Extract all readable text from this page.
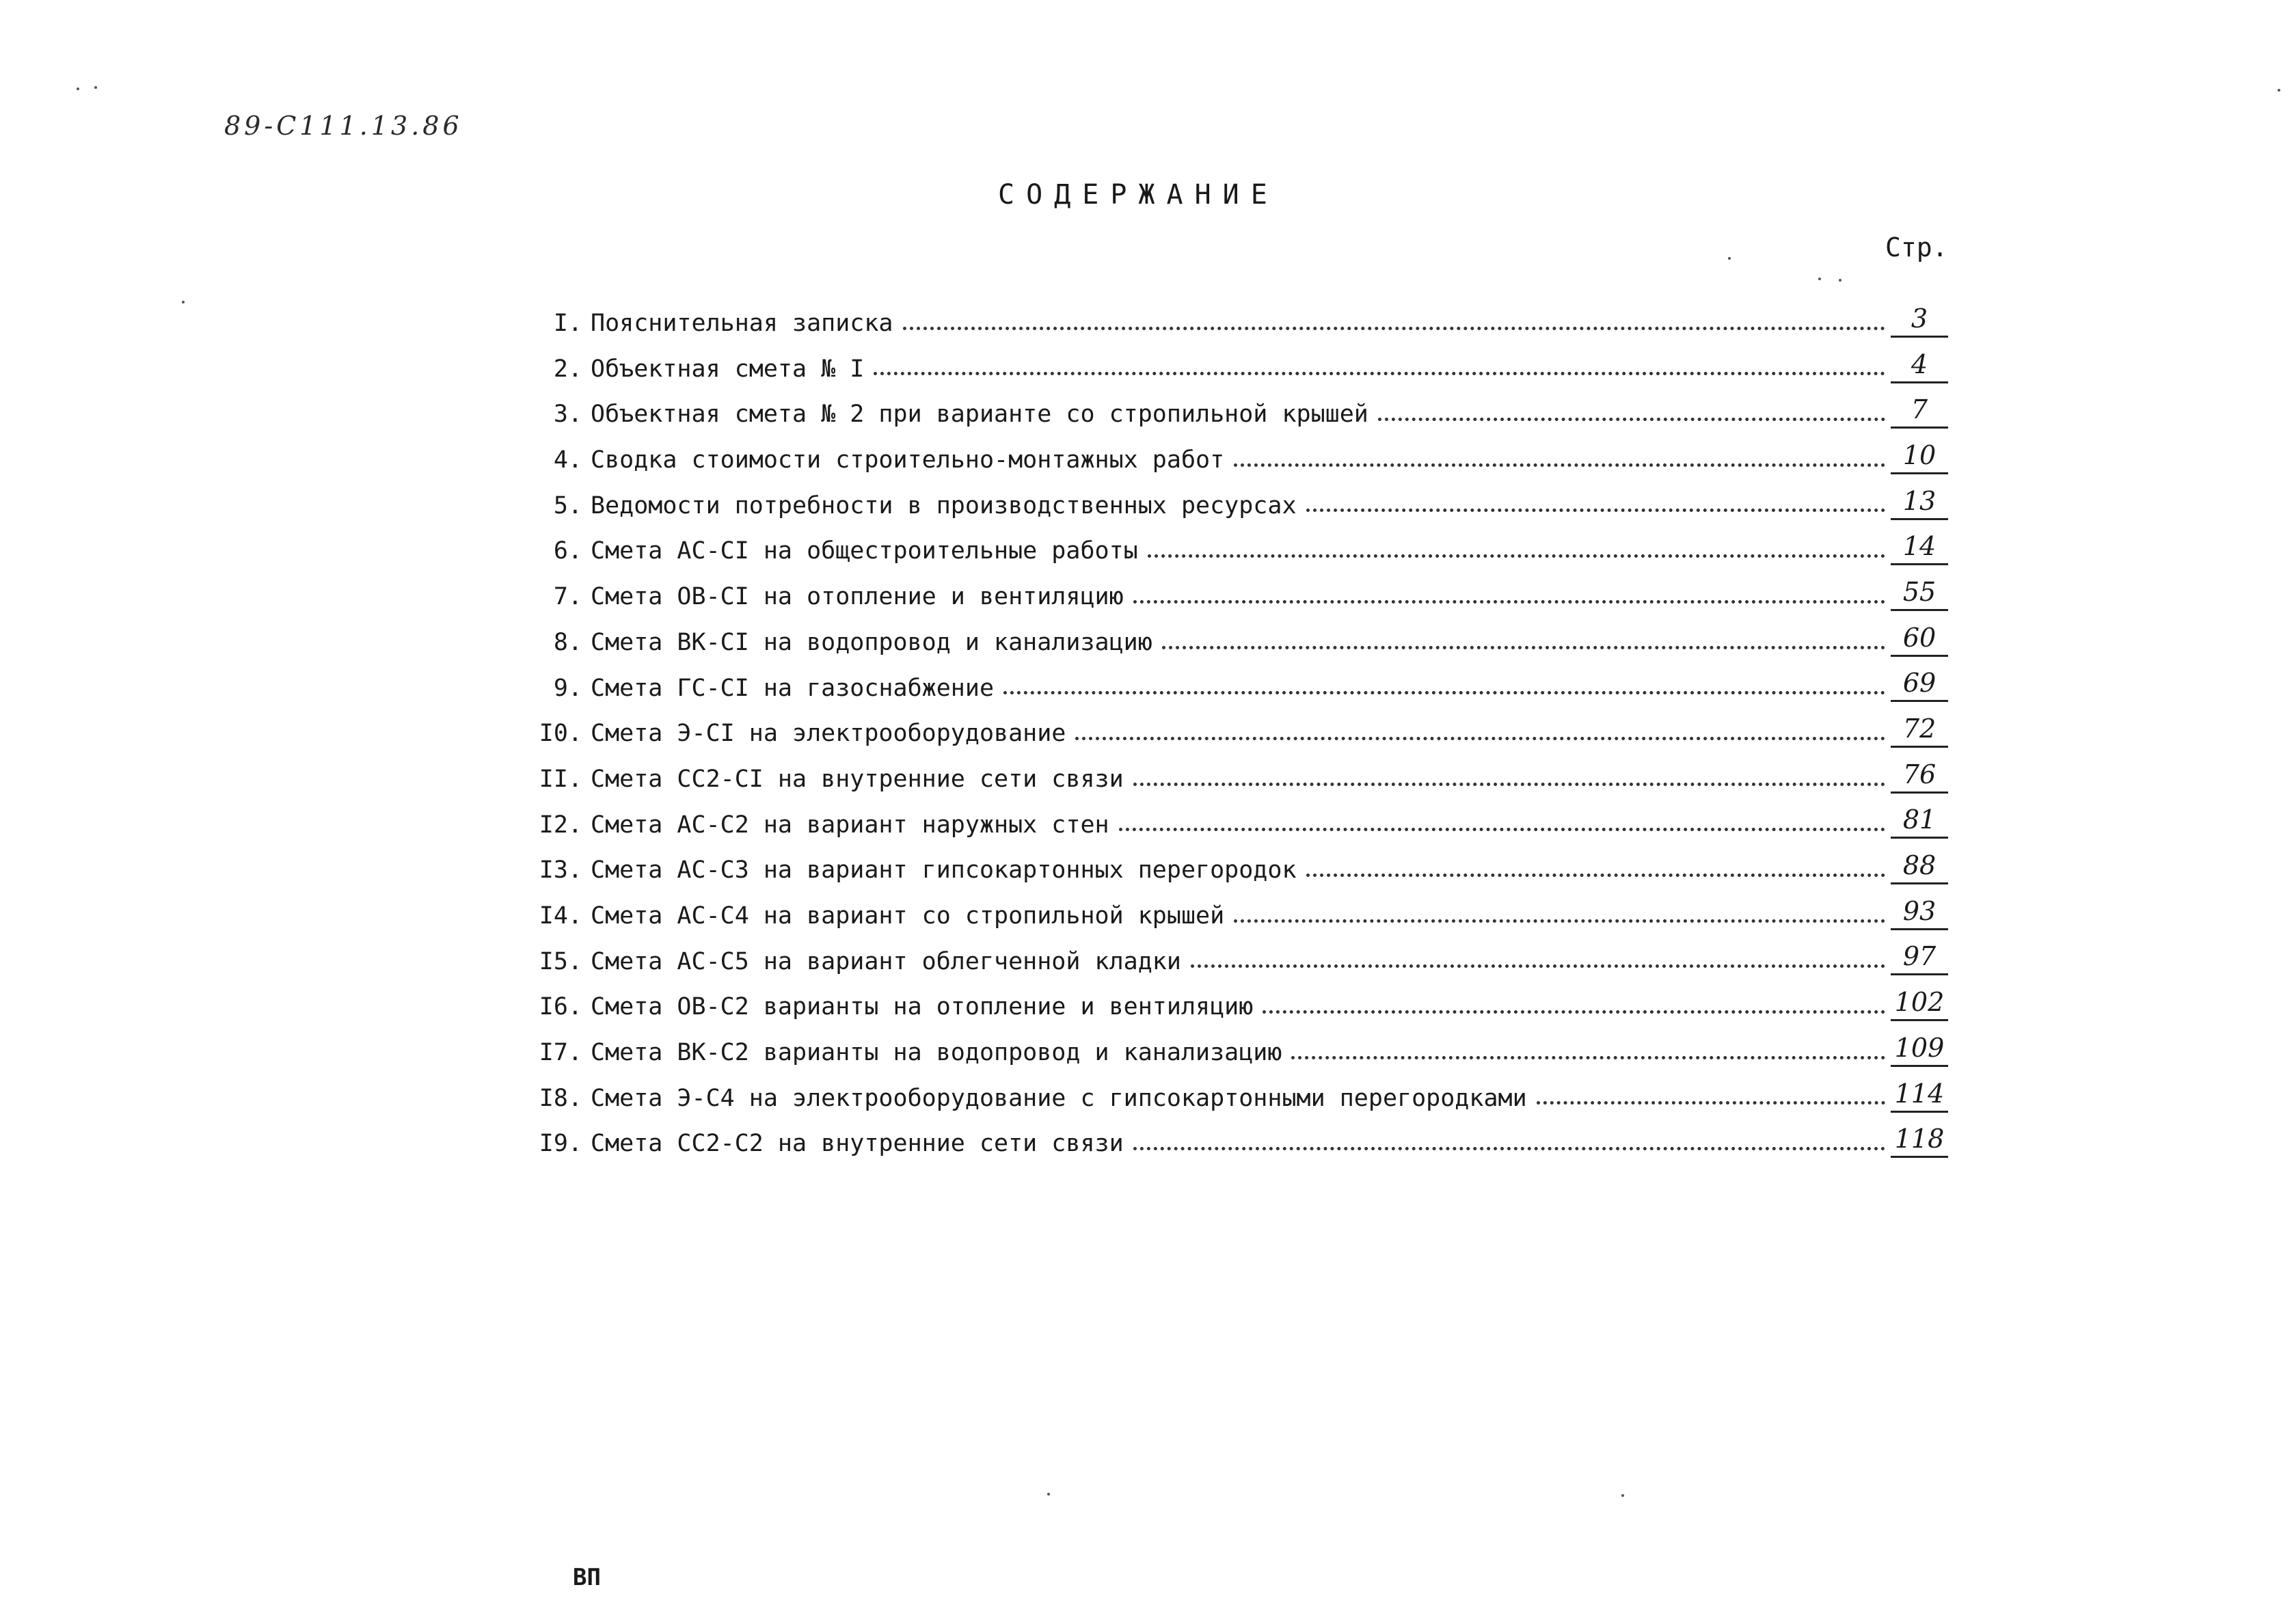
89-С111.13.86
СОДЕРЖАНИЕ
Стр.
I. Пояснительная записка	3
2. Объектная смета № I	4
3. Объектная смета № 2 при варианте со стропильной крышей	7
4. Сводка стоимости строительно-монтажных работ	10
5. Ведомости потребности в производственных ресурсах	13
6. Смета АС-СI на общестроительные работы	14
7. Смета ОВ-СI на отопление и вентиляцию	55
8. Смета ВК-СI на водопровод и канализацию	60
9. Смета ГС-СI на газоснабжение	69
I0. Смета Э-СI на электрооборудование	72
II. Смета СС2-СI на внутренние сети связи	76
I2. Смета АС-С2 на вариант наружных стен	81
I3. Смета АС-С3 на вариант гипсокартонных перегородок	88
I4. Смета АС-С4 на вариант со стропильной крышей	93
I5. Смета АС-С5 на вариант облегченной кладки	97
I6. Смета ОВ-С2 варианты на отопление и вентиляцию	102
I7. Смета ВК-С2 варианты на водопровод и канализацию	109
I8. Смета Э-С4 на электрооборудование с гипсокартонными перегородками	114
I9. Смета СС2-С2 на внутренние сети связи	118
ВП
